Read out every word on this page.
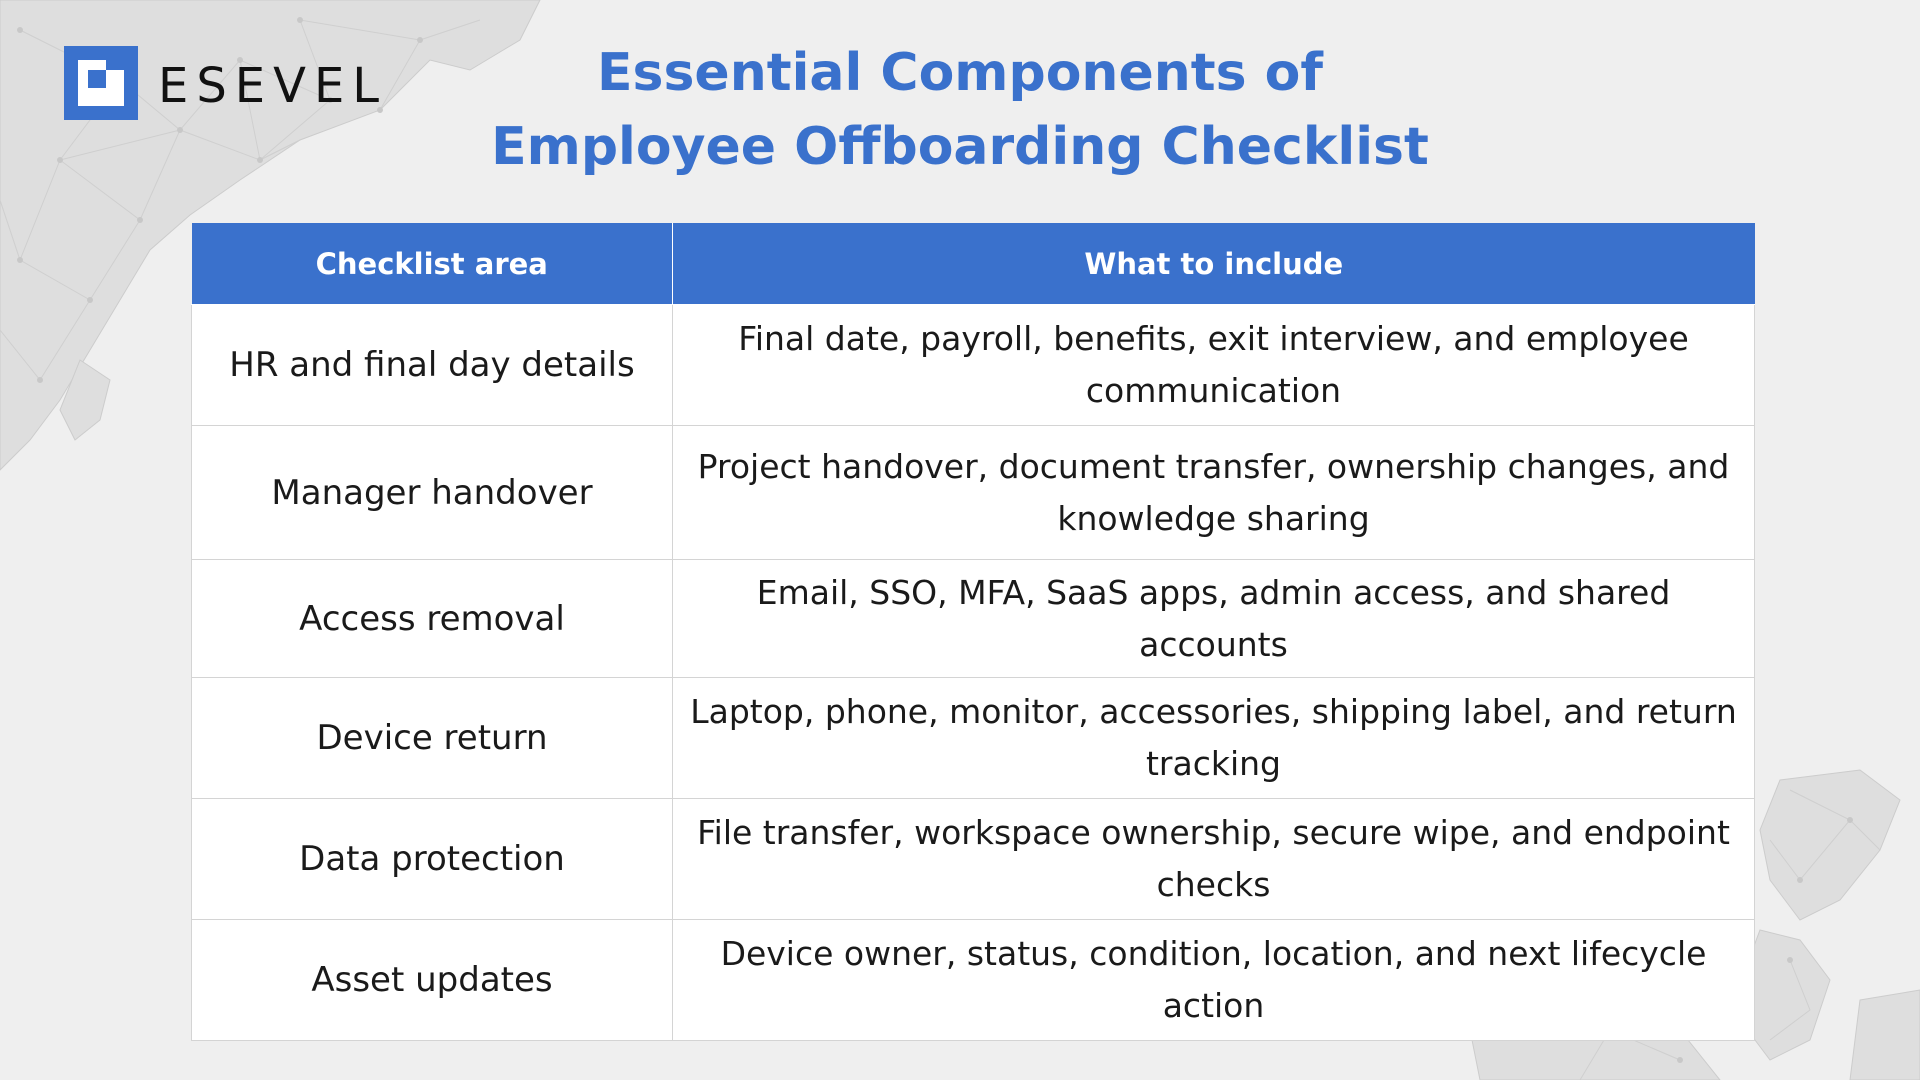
ESEVEL	Essential Components of
Employee Offboarding Checklist
Checklist area	What to include
HR and final day details	Final date, payroll, benefits, exit interview, and employee communication
Manager handover	Project handover, document transfer, ownership changes, and knowledge sharing
Access removal	Email, SSO, MFA, SaaS apps, admin access, and shared accounts
Device return	Laptop, phone, monitor, accessories, shipping label, and return tracking
Data protection	File transfer, workspace ownership, secure wipe, and endpoint checks
Asset updates	Device owner, status, condition, location, and next lifecycle action
